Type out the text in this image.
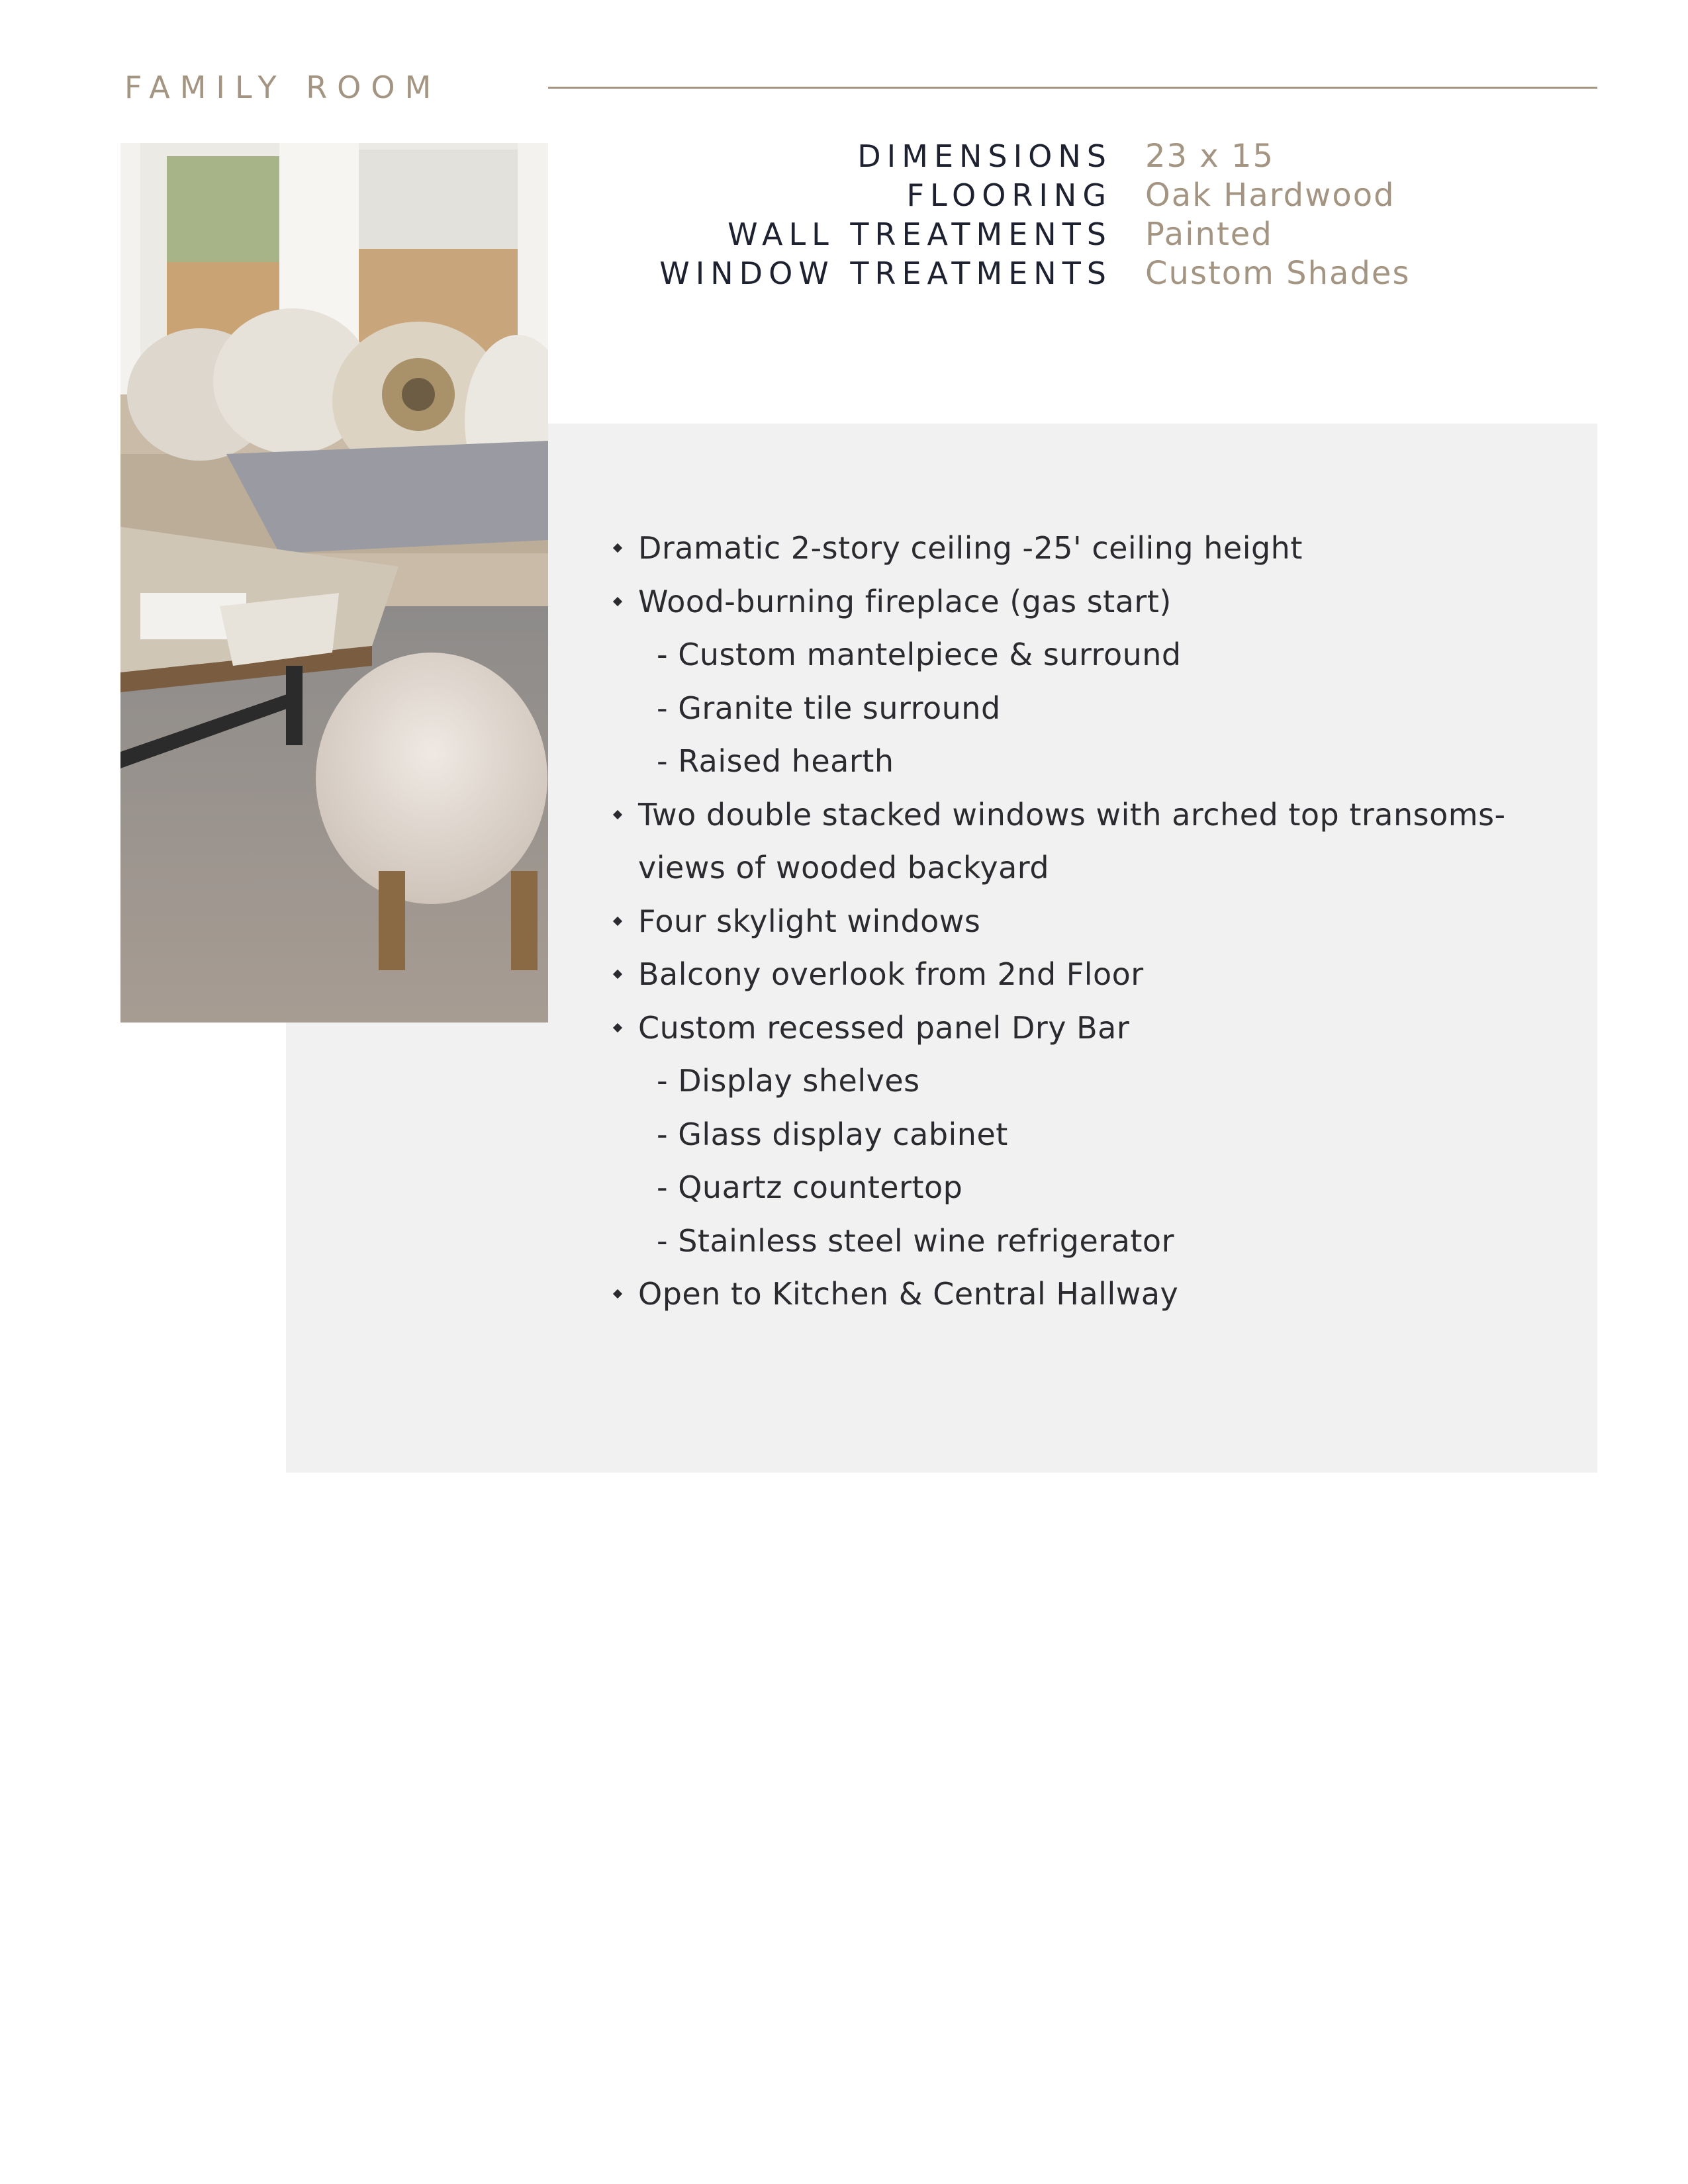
FAMILY ROOM
DIMENSIONS 23 x 15
FLOORING Oak Hardwood
WALL TREATMENTS Painted
WINDOW TREATMENTS Custom Shades
Dramatic 2-story ceiling -25' ceiling height
Wood-burning fireplace (gas start)
- Custom mantelpiece & surround
- Granite tile surround
- Raised hearth
Two double stacked windows with arched top transoms-
views of wooded backyard
Four skylight windows
Balcony overlook from 2nd Floor
Custom recessed panel Dry Bar
- Display shelves
- Glass display cabinet
- Quartz countertop
- Stainless steel wine refrigerator
Open to Kitchen & Central Hallway
